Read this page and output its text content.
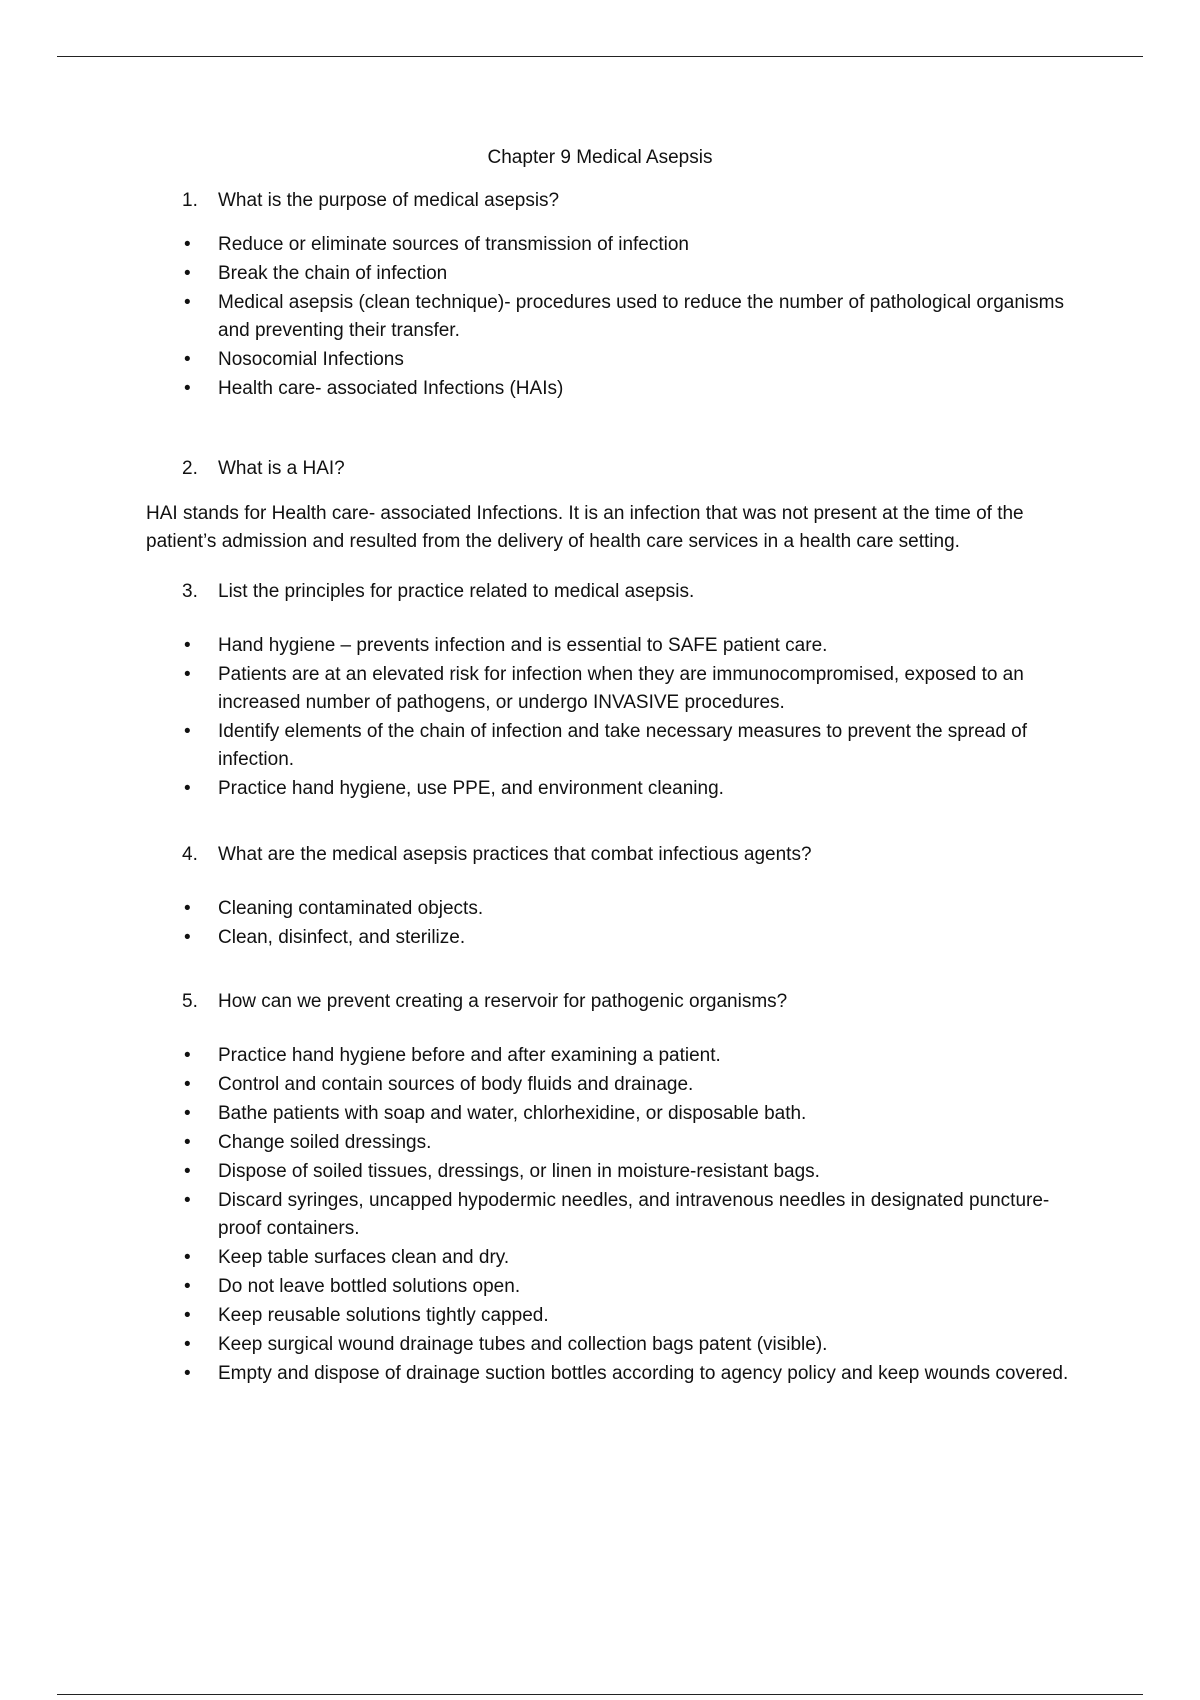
Chapter 9 Medical Asepsis
1. What is the purpose of medical asepsis?
• Reduce or eliminate sources of transmission of infection
• Break the chain of infection
• Medical asepsis (clean technique)- procedures used to reduce the number of pathological organisms and preventing their transfer.
• Nosocomial Infections
• Health care- associated Infections (HAIs)
2. What is a HAI?
HAI stands for Health care- associated Infections. It is an infection that was not present at the time of the patient’s admission and resulted from the delivery of health care services in a health care setting.
3. List the principles for practice related to medical asepsis.
• Hand hygiene – prevents infection and is essential to SAFE patient care.
• Patients are at an elevated risk for infection when they are immunocompromised, exposed to an increased number of pathogens, or undergo INVASIVE procedures.
• Identify elements of the chain of infection and take necessary measures to prevent the spread of infection.
• Practice hand hygiene, use PPE, and environment cleaning.
4. What are the medical asepsis practices that combat infectious agents?
• Cleaning contaminated objects.
• Clean, disinfect, and sterilize.
5. How can we prevent creating a reservoir for pathogenic organisms?
• Practice hand hygiene before and after examining a patient.
• Control and contain sources of body fluids and drainage.
• Bathe patients with soap and water, chlorhexidine, or disposable bath.
• Change soiled dressings.
• Dispose of soiled tissues, dressings, or linen in moisture-resistant bags.
• Discard syringes, uncapped hypodermic needles, and intravenous needles in designated puncture-proof containers.
• Keep table surfaces clean and dry.
• Do not leave bottled solutions open.
• Keep reusable solutions tightly capped.
• Keep surgical wound drainage tubes and collection bags patent (visible).
• Empty and dispose of drainage suction bottles according to agency policy and keep wounds covered.
